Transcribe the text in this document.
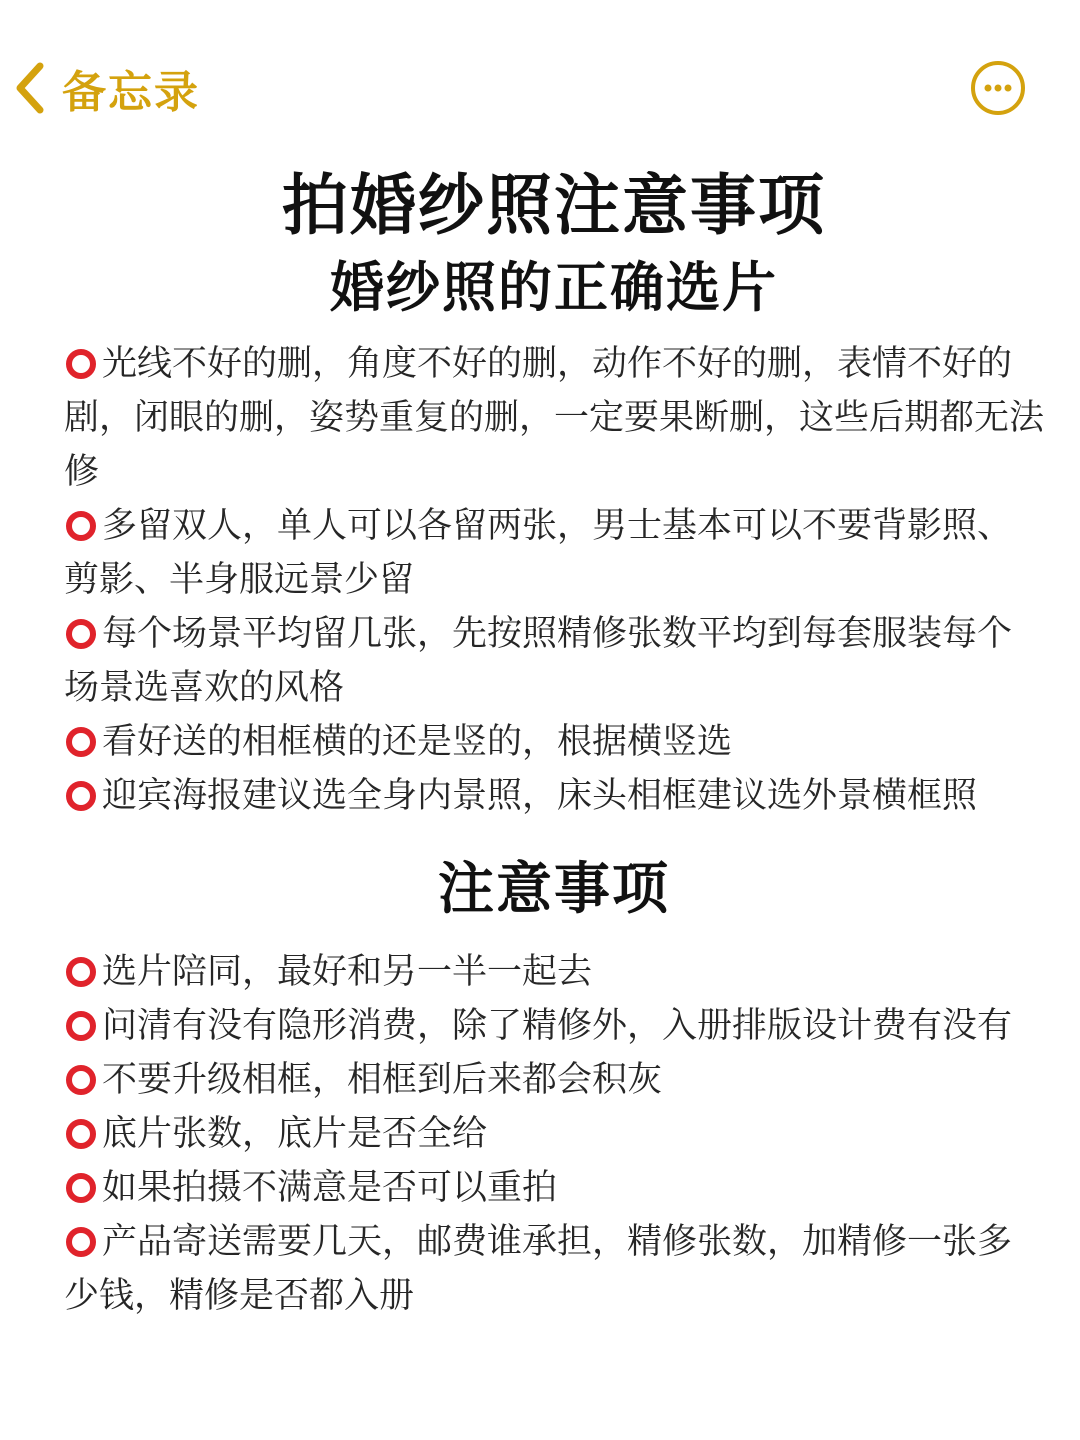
备忘录
拍婚纱照注意事项
婚纱照的正确选片
光线不好的删，角度不好的删，动作不好的删，表情不好的剧，闭眼的删，姿势重复的删，一定要果断删，这些后期都无法修
多留双人，单人可以各留两张，男士基本可以不要背影照、剪影、半身服远景少留
每个场景平均留几张，先按照精修张数平均到每套服装每个场景选喜欢的风格
看好送的相框横的还是竖的，根据横竖选
迎宾海报建议选全身内景照，床头相框建议选外景横框照
注意事项
选片陪同，最好和另一半一起去
问清有没有隐形消费，除了精修外，入册排版设计费有没有
不要升级相框，相框到后来都会积灰
底片张数，底片是否全给
如果拍摄不满意是否可以重拍
产品寄送需要几天，邮费谁承担，精修张数，加精修一张多少钱，精修是否都入册
